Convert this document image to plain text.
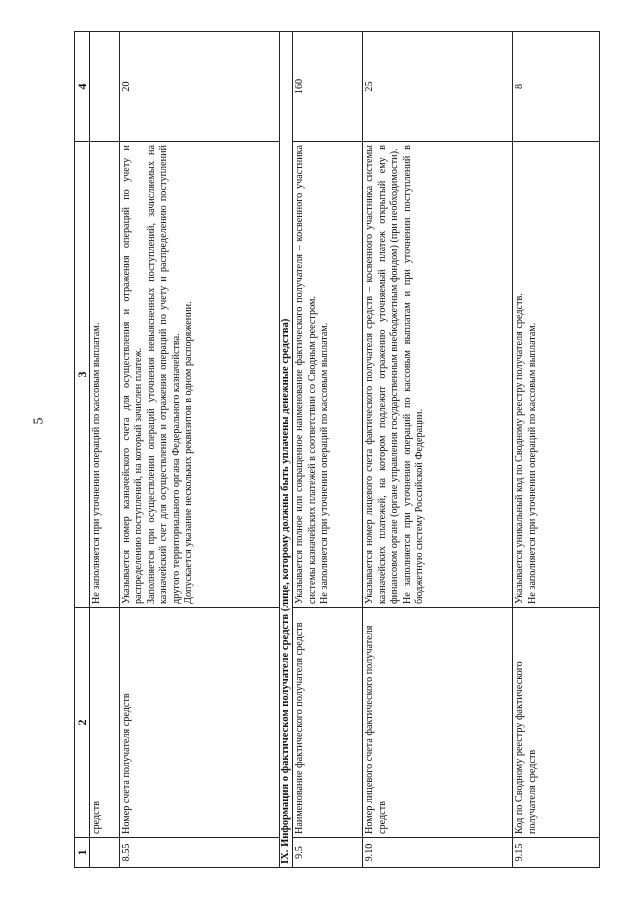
5
1	2	3	4
	средств	Не заполняется при уточнении операций по кассовым выплатам.	

8.55	Номер счета получателя средств	Указывается номер казначейского счета для осуществления и отражения операций по учету и распределению поступлений, на который зачислен платеж. Заполняется при осуществлении операций уточнения невыясненных поступлений, зачисляемых на казначейский счет для осуществления и отражения операций по учету и распределению поступлений другого территориального органа Федерального казначейства. Допускается указание нескольких реквизитов в одном распоряжении.	20
IX. Информация о фактическом получателе средств (лице, которому должны быть уплачены денежные средства)			
9.5	Наименование фактического получателя средств	Указывается полное или сокращенное наименование фактического получателя – косвенного участника системы казначейских платежей в соответствии со Сводным реестром. Не заполняется при уточнении операций по кассовым выплатам.	160
9.10	Номер лицевого счета фактического получателя средств	Указывается номер лицевого счета фактического получателя средств – косвенного участника системы казначейских платежей, на котором подлежит отражению уточняемый платеж открытый ему в финансовом органе (органе управления государственным внебюджетным фондом) (при необходимости). Не заполняется при уточнении операций по кассовым выплатам и при уточнении поступлений в бюджетную систему Российской Федерации.	25
9.15	Код по Сводному реестру фактического получателя средств	Указывается уникальный код по Сводному реестру получателя средств. Не заполняется при уточнении операций по кассовым выплатам.	8
